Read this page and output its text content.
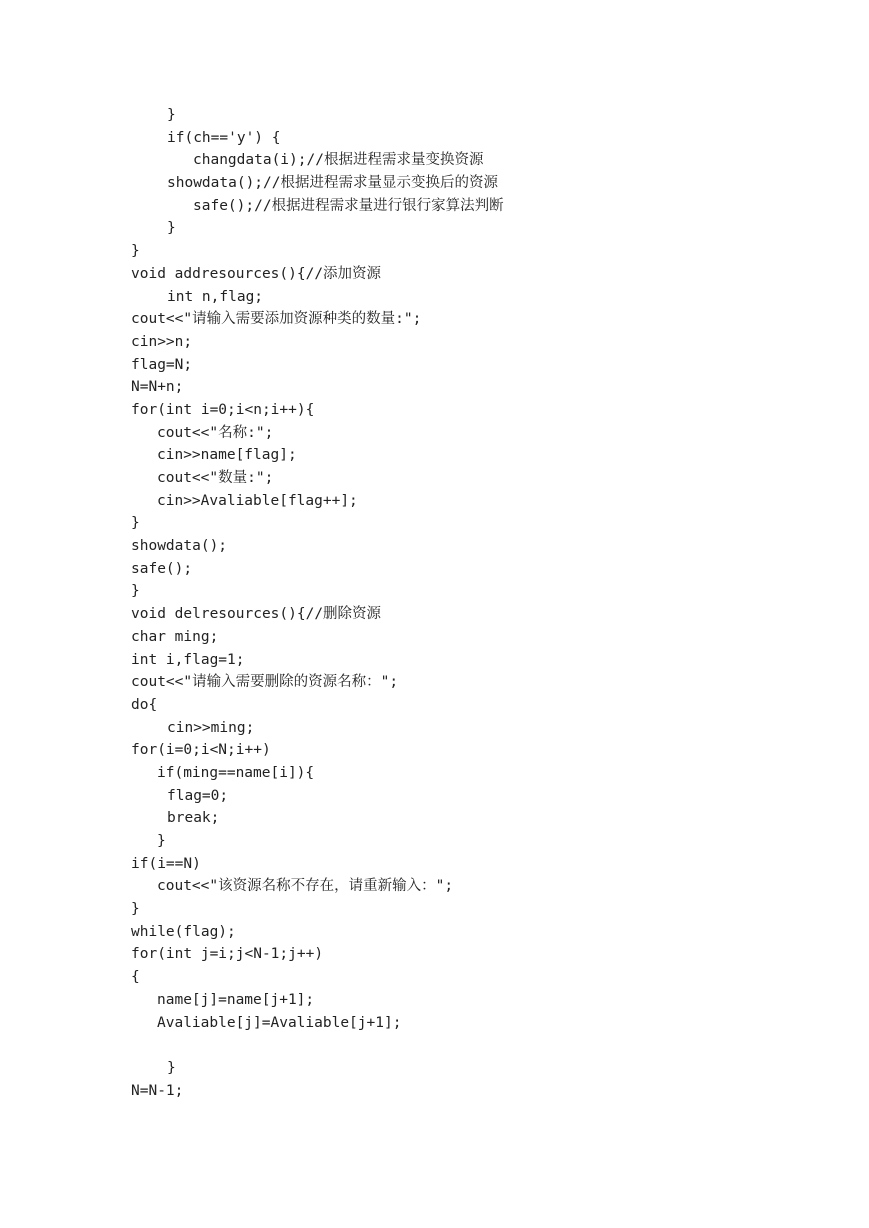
}
if(ch=='y') {
changdata(i);//根据进程需求量变换资源
showdata();//根据进程需求量显示变换后的资源
safe();//根据进程需求量进行银行家算法判断
}
}
void addresources(){//添加资源
int n,flag;
cout<<"请输入需要添加资源种类的数量:";
cin>>n;
flag=N;
N=N+n;
for(int i=0;i<n;i++){
cout<<"名称:";
cin>>name[flag];
cout<<"数量:";
cin>>Avaliable[flag++];
}
showdata();
safe();
}
void delresources(){//删除资源
char ming;
int i,flag=1;
cout<<"请输入需要删除的资源名称：";
do{
cin>>ming;
for(i=0;i<N;i++)
if(ming==name[i]){
flag=0;
break;
}
if(i==N)
cout<<"该资源名称不存在，请重新输入：";
}
while(flag);
for(int j=i;j<N-1;j++)
{
name[j]=name[j+1];
Avaliable[j]=Avaliable[j+1];
}
N=N-1;
